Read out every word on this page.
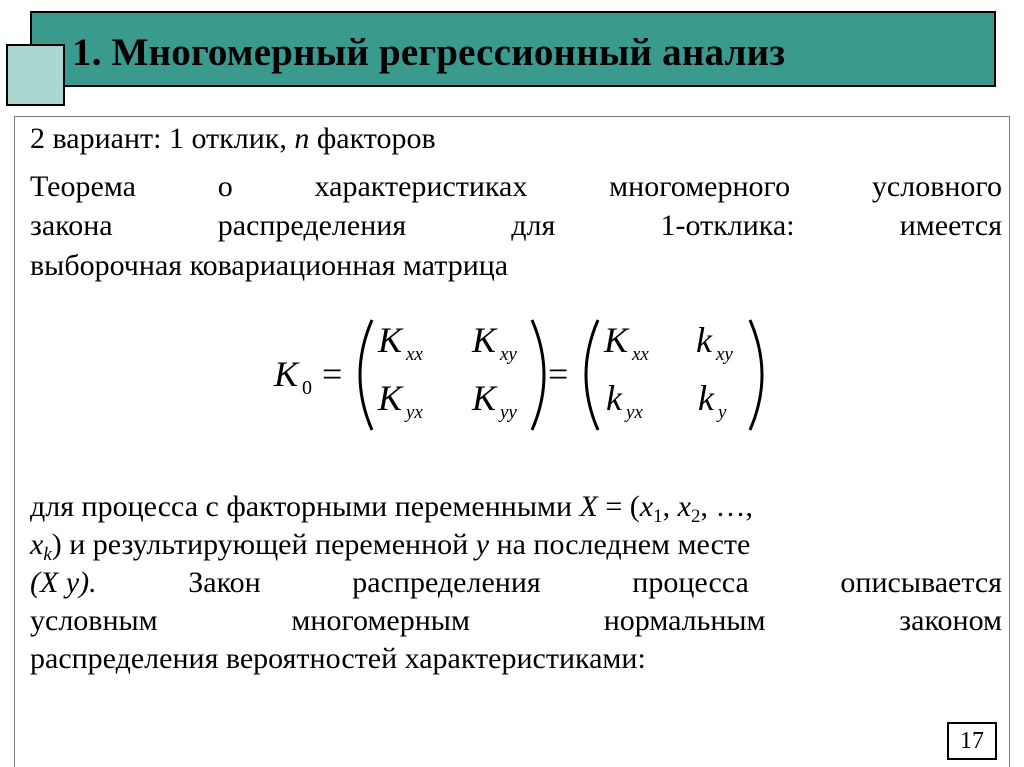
1. Многомерный регрессионный анализ
2 вариант: 1 отклик, n факторов
Теорема	о	характеристиках	многомерного	условного
закона	распределения	для	1-отклика:	имеется
выборочная ковариационная матрица
K 0 =
K xx K xy
K yx K yy
=
K xx k xy
k yx k y
для процесса с факторными переменными $X = (x_1$, $x_2$, …,
$x_k$) и результирующей переменной y на последнем месте
(X y).	Закон	распределения	процесса	описывается
условным	многомерным	нормальным	законом
распределения вероятностей характеристиками:
17
